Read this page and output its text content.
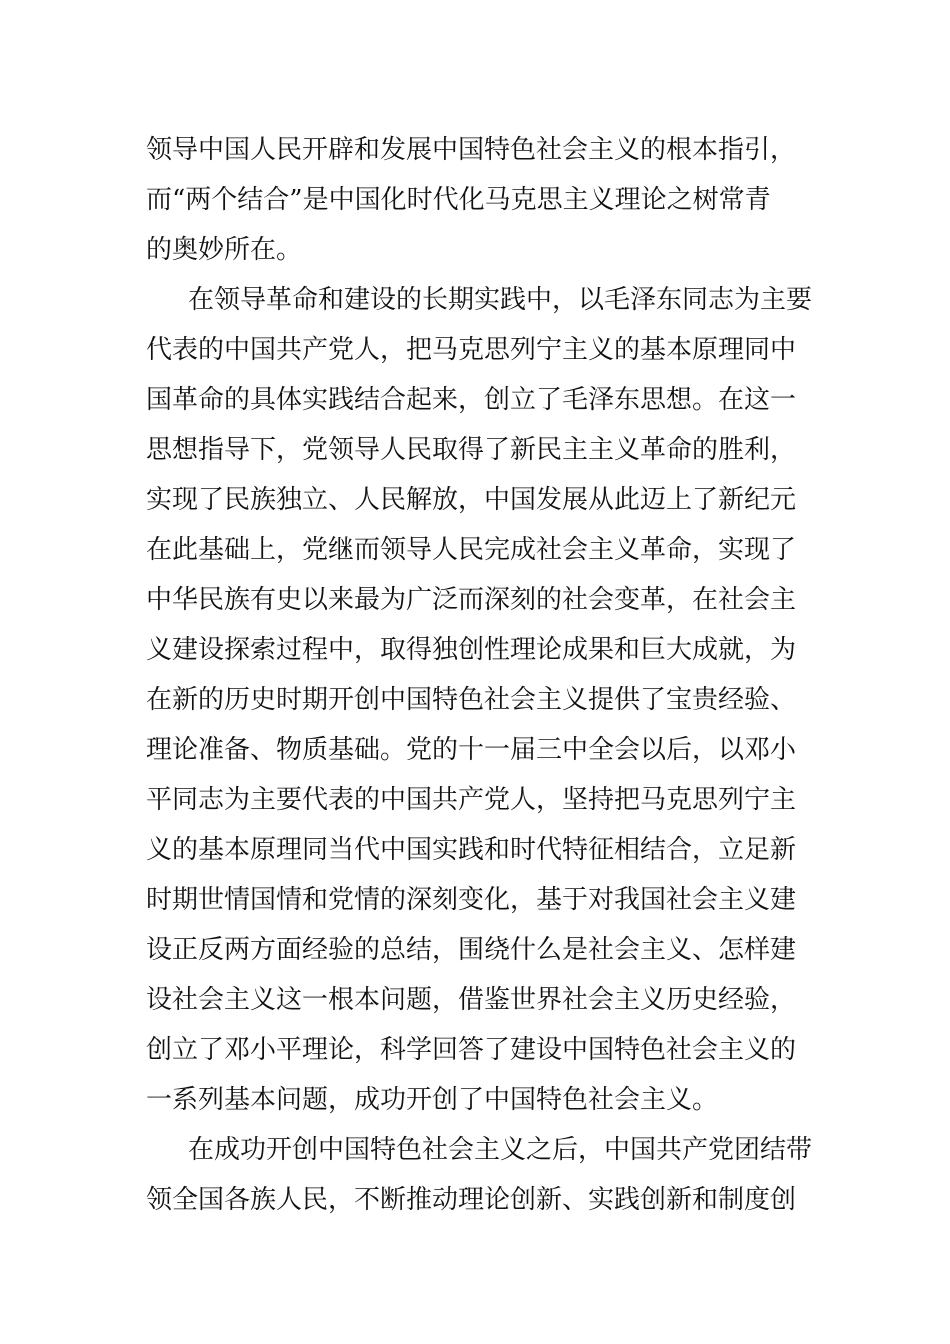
领导中国人民开辟和发展中国特色社会主义的根本指引，
而“两个结合”是中国化时代化马克思主义理论之树常青
的奥妙所在。
在领导革命和建设的长期实践中，以毛泽东同志为主要
代表的中国共产党人，把马克思列宁主义的基本原理同中
国革命的具体实践结合起来，创立了毛泽东思想。在这一
思想指导下，党领导人民取得了新民主主义革命的胜利，
实现了民族独立、人民解放，中国发展从此迈上了新纪元
在此基础上，党继而领导人民完成社会主义革命，实现了
中华民族有史以来最为广泛而深刻的社会变革，在社会主
义建设探索过程中，取得独创性理论成果和巨大成就，为
在新的历史时期开创中国特色社会主义提供了宝贵经验、
理论准备、物质基础。党的十一届三中全会以后，以邓小
平同志为主要代表的中国共产党人，坚持把马克思列宁主
义的基本原理同当代中国实践和时代特征相结合，立足新
时期世情国情和党情的深刻变化，基于对我国社会主义建
设正反两方面经验的总结，围绕什么是社会主义、怎样建
设社会主义这一根本问题，借鉴世界社会主义历史经验，
创立了邓小平理论，科学回答了建设中国特色社会主义的
一系列基本问题，成功开创了中国特色社会主义。
在成功开创中国特色社会主义之后，中国共产党团结带
领全国各族人民，不断推动理论创新、实践创新和制度创
